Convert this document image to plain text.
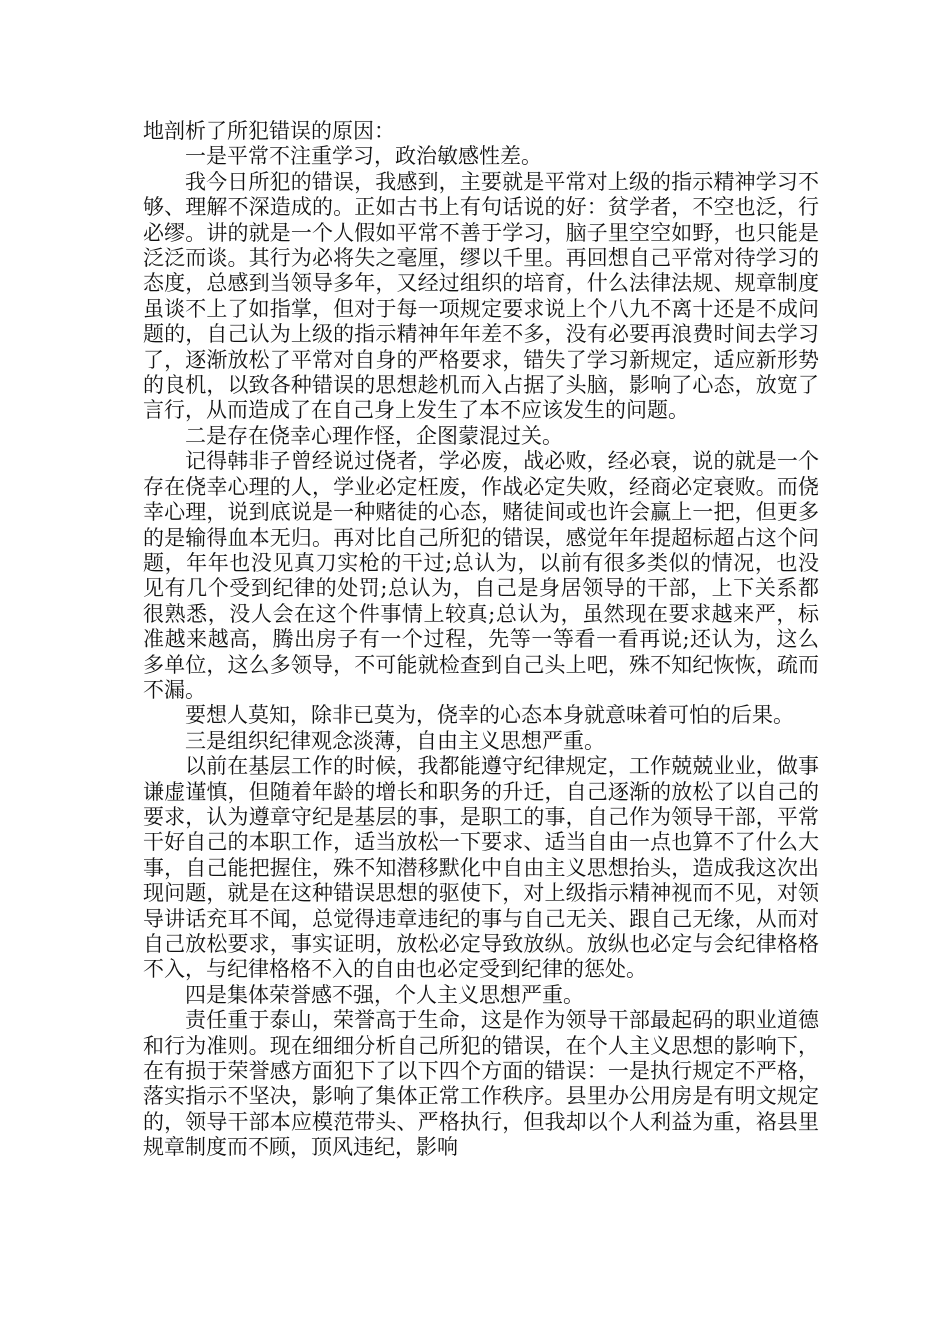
地剖析了所犯错误的原因：

一是平常不注重学习，政治敏感性差。

我今日所犯的错误，我感到，主要就是平常对上级的指示精神学习不够、理解不深造成的。正如古书上有句话说的好：贫学者，不空也泛，行必缪。讲的就是一个人假如平常不善于学习，脑子里空空如野，也只能是泛泛而谈。其行为必将失之毫厘，缪以千里。再回想自己平常对待学习的态度，总感到当领导多年，又经过组织的培育，什么法律法规、规章制度虽谈不上了如指掌，但对于每一项规定要求说上个八九不离十还是不成问题的，自己认为上级的指示精神年年差不多，没有必要再浪费时间去学习了，逐渐放松了平常对自身的严格要求，错失了学习新规定，适应新形势的良机，以致各种错误的思想趁机而入占据了头脑，影响了心态，放宽了言行，从而造成了在自己身上发生了本不应该发生的问题。

二是存在侥幸心理作怪，企图蒙混过关。

记得韩非子曾经说过侥者，学必废，战必败，经必衰，说的就是一个存在侥幸心理的人，学业必定枉废，作战必定失败，经商必定衰败。而侥幸心理，说到底说是一种赌徒的心态，赌徒间或也许会赢上一把，但更多的是输得血本无归。再对比自己所犯的错误，感觉年年提超标超占这个问题，年年也没见真刀实枪的干过;总认为，以前有很多类似的情况，也没见有几个受到纪律的处罚;总认为，自己是身居领导的干部，上下关系都很熟悉，没人会在这个件事情上较真;总认为，虽然现在要求越来严，标准越来越高，腾出房子有一个过程，先等一等看一看再说;还认为，这么多单位，这么多领导，不可能就检查到自己头上吧，殊不知纪恢恢，疏而不漏。

要想人莫知，除非已莫为，侥幸的心态本身就意味着可怕的后果。

三是组织纪律观念淡薄，自由主义思想严重。

以前在基层工作的时候，我都能遵守纪律规定，工作兢兢业业，做事谦虚谨慎，但随着年龄的增长和职务的升迁，自己逐渐的放松了以自己的要求，认为遵章守纪是基层的事，是职工的事，自己作为领导干部，平常干好自己的本职工作，适当放松一下要求、适当自由一点也算不了什么大事，自己能把握住，殊不知潜移默化中自由主义思想抬头，造成我这次出现问题，就是在这种错误思想的驱使下，对上级指示精神视而不见，对领导讲话充耳不闻，总觉得违章违纪的事与自己无关、跟自己无缘，从而对自己放松要求，事实证明，放松必定导致放纵。放纵也必定与会纪律格格不入，与纪律格格不入的自由也必定受到纪律的惩处。

四是集体荣誉感不强，个人主义思想严重。

责任重于泰山，荣誉高于生命，这是作为领导干部最起码的职业道德和行为准则。现在细细分析自己所犯的错误，在个人主义思想的影响下，在有损于荣誉感方面犯下了以下四个方面的错误：一是执行规定不严格，落实指示不坚决，影响了集体正常工作秩序。县里办公用房是有明文规定的，领导干部本应模范带头、严格执行，但我却以个人利益为重，袼县里规章制度而不顾，顶风违纪，影响
